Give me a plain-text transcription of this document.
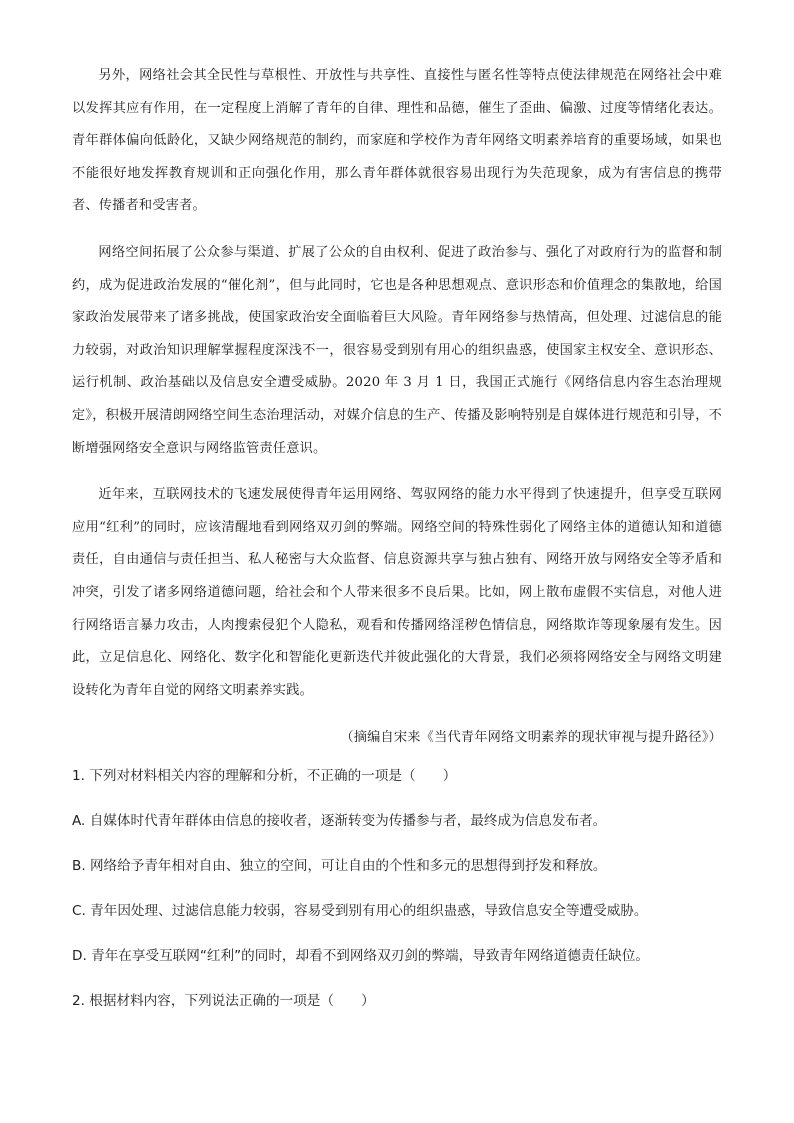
另外，网络社会其全民性与草根性、开放性与共享性、直接性与匿名性等特点使法律规范在网络社会中难以发挥其应有作用，在一定程度上消解了青年的自律、理性和品德，催生了歪曲、偏激、过度等情绪化表达。青年群体偏向低龄化，又缺少网络规范的制约，而家庭和学校作为青年网络文明素养培育的重要场域，如果也不能很好地发挥教育规训和正向强化作用，那么青年群体就很容易出现行为失范现象，成为有害信息的携带者、传播者和受害者。

网络空间拓展了公众参与渠道、扩展了公众的自由权利、促进了政治参与、强化了对政府行为的监督和制约，成为促进政治发展的“催化剂”，但与此同时，它也是各种思想观点、意识形态和价值理念的集散地，给国家政治发展带来了诸多挑战，使国家政治安全面临着巨大风险。青年网络参与热情高，但处理、过滤信息的能力较弱，对政治知识理解掌握程度深浅不一，很容易受到别有用心的组织蛊惑，使国家主权安全、意识形态、运行机制、政治基础以及信息安全遭受威胁。2020 年 3 月 1 日，我国正式施行《网络信息内容生态治理规定》，积极开展清朗网络空间生态治理活动，对媒介信息的生产、传播及影响特别是自媒体进行规范和引导，不断增强网络安全意识与网络监管责任意识。

近年来，互联网技术的飞速发展使得青年运用网络、驾驭网络的能力水平得到了快速提升，但享受互联网应用“红利”的同时，应该清醒地看到网络双刃剑的弊端。网络空间的特殊性弱化了网络主体的道德认知和道德责任，自由通信与责任担当、私人秘密与大众监督、信息资源共享与独占独有、网络开放与网络安全等矛盾和冲突，引发了诸多网络道德问题，给社会和个人带来很多不良后果。比如，网上散布虚假不实信息，对他人进行网络语言暴力攻击，人肉搜索侵犯个人隐私，观看和传播网络淫秽色情信息，网络欺诈等现象屡有发生。因此，立足信息化、网络化、数字化和智能化更新迭代并彼此强化的大背景，我们必须将网络安全与网络文明建设转化为青年自觉的网络文明素养实践。

（摘编自宋来《当代青年网络文明素养的现状审视与提升路径》）

1. 下列对材料相关内容的理解和分析，不正确的一项是（　　）

A. 自媒体时代青年群体由信息的接收者，逐渐转变为传播参与者，最终成为信息发布者。

B. 网络给予青年相对自由、独立的空间，可让自由的个性和多元的思想得到抒发和释放。

C. 青年因处理、过滤信息能力较弱，容易受到别有用心的组织蛊惑，导致信息安全等遭受威胁。

D. 青年在享受互联网“红利”的同时，却看不到网络双刃剑的弊端，导致青年网络道德责任缺位。

2. 根据材料内容，下列说法正确的一项是（　　）
